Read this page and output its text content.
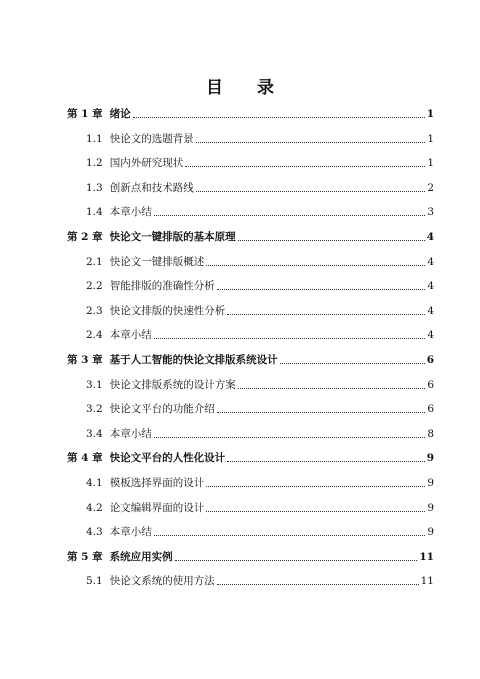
目 录
第 1 章 绪论	1
1.1 快论文的选题背景	1
1.2 国内外研究现状	1
1.3 创新点和技术路线	2
1.4 本章小结	3
第 2 章 快论文一键排版的基本原理	4
2.1 快论文一键排版概述	4
2.2 智能排版的准确性分析	4
2.3 快论文排版的快速性分析	4
2.4 本章小结	4
第 3 章 基于人工智能的快论文排版系统设计	6
3.1 快论文排版系统的设计方案	6
3.2 快论文平台的功能介绍	6
3.4 本章小结	8
第 4 章 快论文平台的人性化设计	9
4.1 模板选择界面的设计	9
4.2 论文编辑界面的设计	9
4.3 本章小结	9
第 5 章 系统应用实例	11
5.1 快论文系统的使用方法	11
